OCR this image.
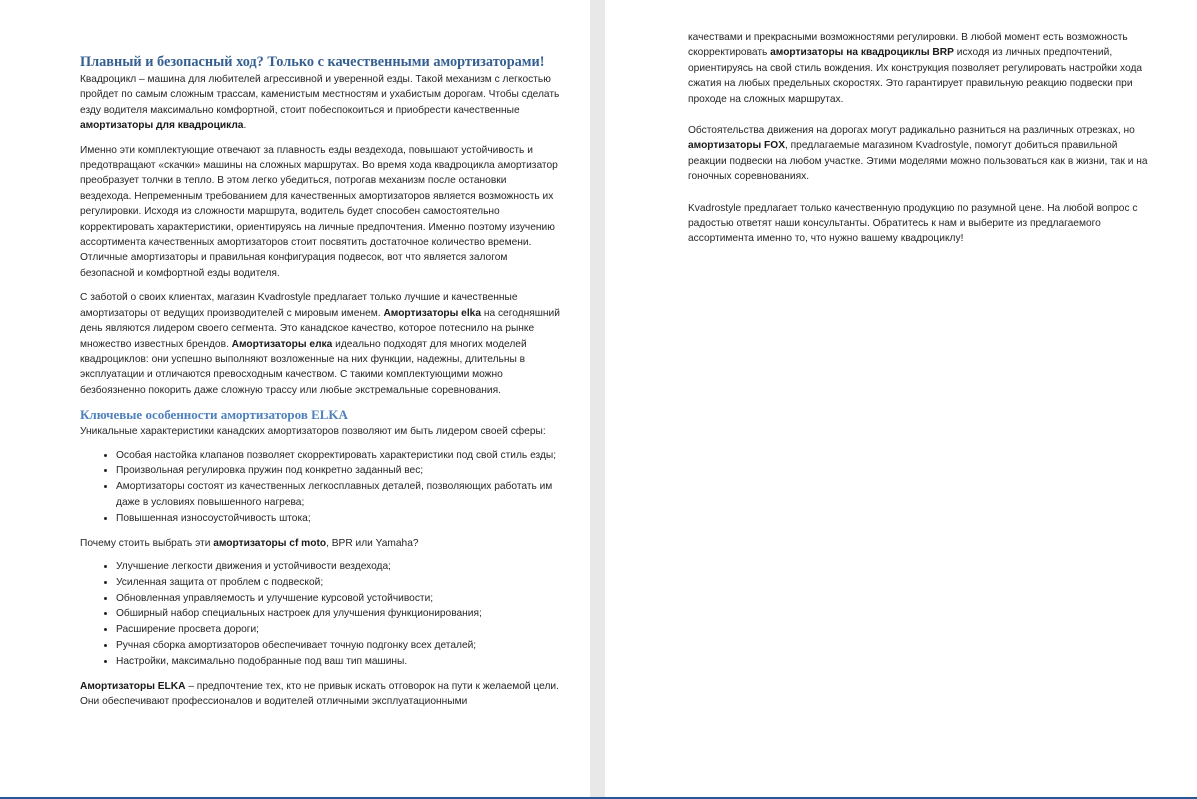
Плавный и безопасный ход? Только с качественными амортизаторами!

Квадроцикл – машина для любителей агрессивной и уверенной езды. Такой механизм с легкостью пройдет по самым сложным трассам, каменистым местностям и ухабистым дорогам. Чтобы сделать езду водителя максимально комфортной, стоит побеспокоиться и приобрести качественные амортизаторы для квадроцикла.

Именно эти комплектующие отвечают за плавность езды вездехода, повышают устойчивость и предотвращают «скачки» машины на сложных маршрутах. Во время хода квадроцикла амортизатор преобразует толчки в тепло. В этом легко убедиться, потрогав механизм после остановки вездехода. Непременным требованием для качественных амортизаторов является возможность их регулировки. Исходя из сложности маршрута, водитель будет способен самостоятельно корректировать характеристики, ориентируясь на личные предпочтения. Именно поэтому изучению ассортимента качественных амортизаторов стоит посвятить достаточное количество времени. Отличные амортизаторы и правильная конфигурация подвесок, вот что является залогом безопасной и комфортной езды водителя.

С заботой о своих клиентах, магазин Kvadrostyle предлагает только лучшие и качественные амортизаторы от ведущих производителей с мировым именем. Амортизаторы elka на сегодняшний день являются лидером своего сегмента. Это канадское качество, которое потеснило на рынке множество известных брендов. Амортизаторы елка идеально подходят для многих моделей квадроциклов: они успешно выполняют возложенные на них функции, надежны, длительны в эксплуатации и отличаются превосходным качеством. С такими комплектующими можно безбоязненно покорить даже сложную трассу или любые экстремальные соревнования.

Ключевые особенности амортизаторов ELKA

Уникальные характеристики канадских амортизаторов позволяют им быть лидером своей сферы:

• Особая настойка клапанов позволяет скорректировать характеристики под свой стиль езды;
• Произвольная регулировка пружин под конкретно заданный вес;
• Амортизаторы состоят из качественных легкосплавных деталей, позволяющих работать им даже в условиях повышенного нагрева;
• Повышенная износоустойчивость штока;

Почему стоить выбрать эти амортизаторы cf moto, BPR или Yamaha?

• Улучшение легкости движения и устойчивости вездехода;
• Усиленная защита от проблем с подвеской;
• Обновленная управляемость и улучшение курсовой устойчивости;
• Обширный набор специальных настроек для улучшения функционирования;
• Расширение просвета дороги;
• Ручная сборка амортизаторов обеспечивает точную подгонку всех деталей;
• Настройки, максимально подобранные под ваш тип машины.

Амортизаторы ELKA – предпочтение тех, кто не привык искать отговорок на пути к желаемой цели. Они обеспечивают профессионалов и водителей отличными эксплуатационными

качествами и прекрасными возможностями регулировки. В любой момент есть возможность скорректировать амортизаторы на квадроциклы BRP исходя из личных предпочтений, ориентируясь на свой стиль вождения. Их конструкция позволяет регулировать настройки хода сжатия на любых предельных скоростях. Это гарантирует правильную реакцию подвески при проходе на сложных маршрутах.

Обстоятельства движения на дорогах могут радикально разниться на различных отрезках, но амортизаторы FOX, предлагаемые магазином Kvadrostyle, помогут добиться правильной реакции подвески на любом участке. Этими моделями можно пользоваться как в жизни, так и на гоночных соревнованиях.

Kvadrostyle предлагает только качественную продукцию по разумной цене. На любой вопрос с радостью ответят наши консультанты. Обратитесь к нам и выберите из предлагаемого ассортимента именно то, что нужно вашему квадроциклу!
